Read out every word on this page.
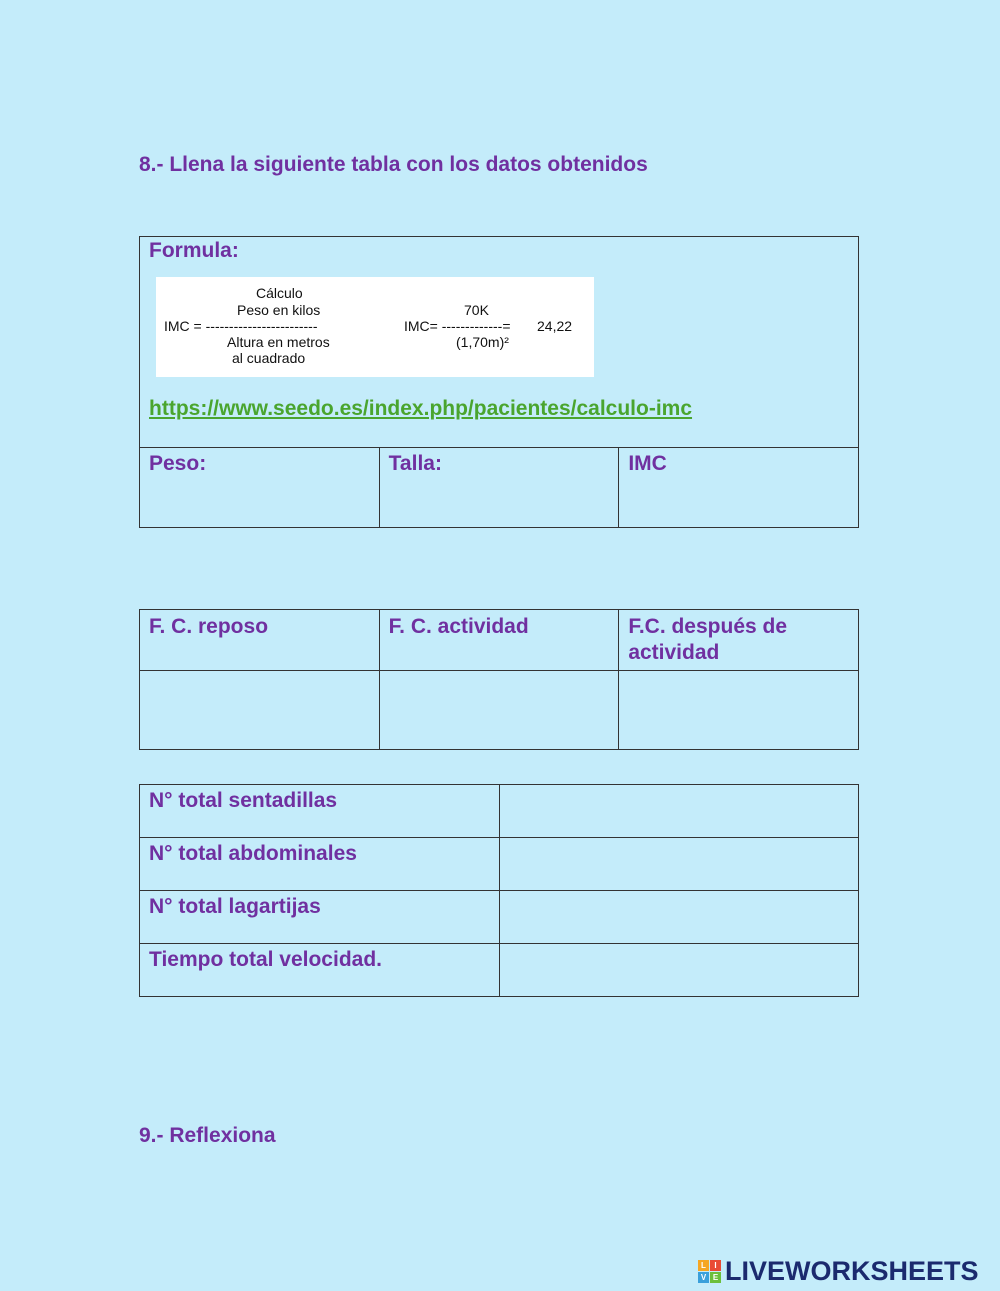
8.- Llena la siguiente tabla con los datos obtenidos
Formula:
Cálculo
Peso en kilos
IMC = ------------------------
Altura en metros
al cuadrado
70K
IMC= -------------= 24,22
(1,70m)²
https://www.seedo.es/index.php/pacientes/calculo-imc
Peso:	Talla:	IMC
F. C. reposo	F. C. actividad	F.C. después de actividad

N° total sentadillas	
N° total abdominales	
N° total lagartijas	
Tiempo total velocidad.	
9.- Reflexiona
L	I
V E LIVEWORKSHEETS
